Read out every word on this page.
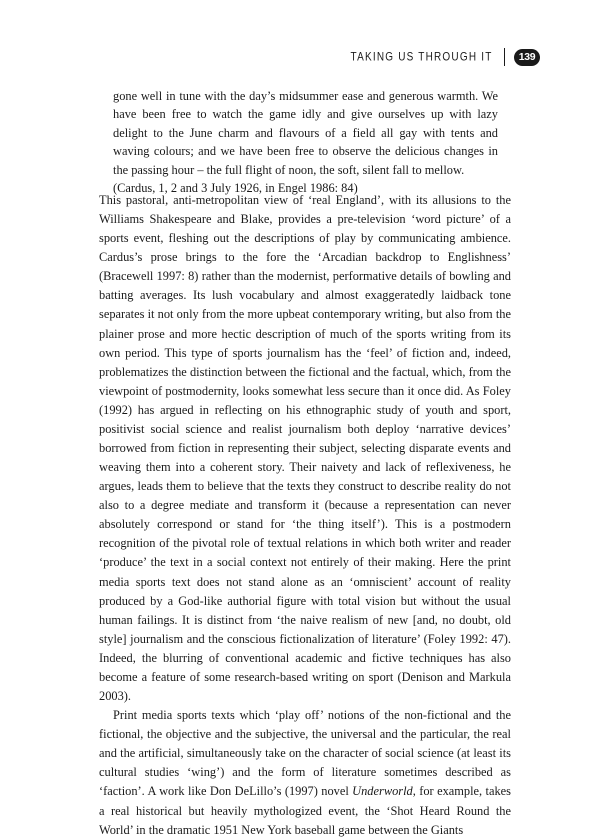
TAKING US THROUGH IT	139

gone well in tune with the day’s midsummer ease and generous warmth. We have been free to watch the game idly and give ourselves up with lazy delight to the June charm and flavours of a field all gay with tents and waving colours; and we have been free to observe the delicious changes in the passing hour – the full flight of noon, the soft, silent fall to mellow.

(Cardus, 1, 2 and 3 July 1926, in Engel 1986: 84)

This pastoral, anti-metropolitan view of ‘real England’, with its allusions to the Williams Shakespeare and Blake, provides a pre-television ‘word picture’ of a sports event, fleshing out the descriptions of play by communicating ambience. Cardus’s prose brings to the fore the ‘Arcadian backdrop to Englishness’ (Bracewell 1997: 8) rather than the modernist, performative details of bowling and batting averages. Its lush vocabulary and almost exaggeratedly laidback tone separates it not only from the more upbeat contemporary writing, but also from the plainer prose and more hectic description of much of the sports writing from its own period. This type of sports journalism has the ‘feel’ of fiction and, indeed, problematizes the distinction between the fictional and the factual, which, from the viewpoint of postmodernity, looks somewhat less secure than it once did. As Foley (1992) has argued in reflecting on his ethnographic study of youth and sport, positivist social science and realist journalism both deploy ‘narrative devices’ borrowed from fiction in representing their subject, selecting disparate events and weaving them into a coherent story. Their naivety and lack of reflexiveness, he argues, leads them to believe that the texts they construct to describe reality do not also to a degree mediate and transform it (because a representation can never absolutely correspond or stand for ‘the thing itself’). This is a postmodern recognition of the pivotal role of textual relations in which both writer and reader ‘produce’ the text in a social context not entirely of their making. Here the print media sports text does not stand alone as an ‘omniscient’ account of reality produced by a God-like authorial figure with total vision but without the usual human failings. It is distinct from ‘the naive realism of new [and, no doubt, old style] journalism and the conscious fictionalization of literature’ (Foley 1992: 47). Indeed, the blurring of conventional academic and fictive techniques has also become a feature of some research-based writing on sport (Denison and Markula 2003).

Print media sports texts which ‘play off’ notions of the non-fictional and the fictional, the objective and the subjective, the universal and the particular, the real and the artificial, simultaneously take on the character of social science (at least its cultural studies ‘wing’) and the form of literature sometimes described as ‘faction’. A work like Don DeLillo’s (1997) novel Underworld, for example, takes a real historical but heavily mythologized event, the ‘Shot Heard Round the World’ in the dramatic 1951 New York baseball game between the Giants
